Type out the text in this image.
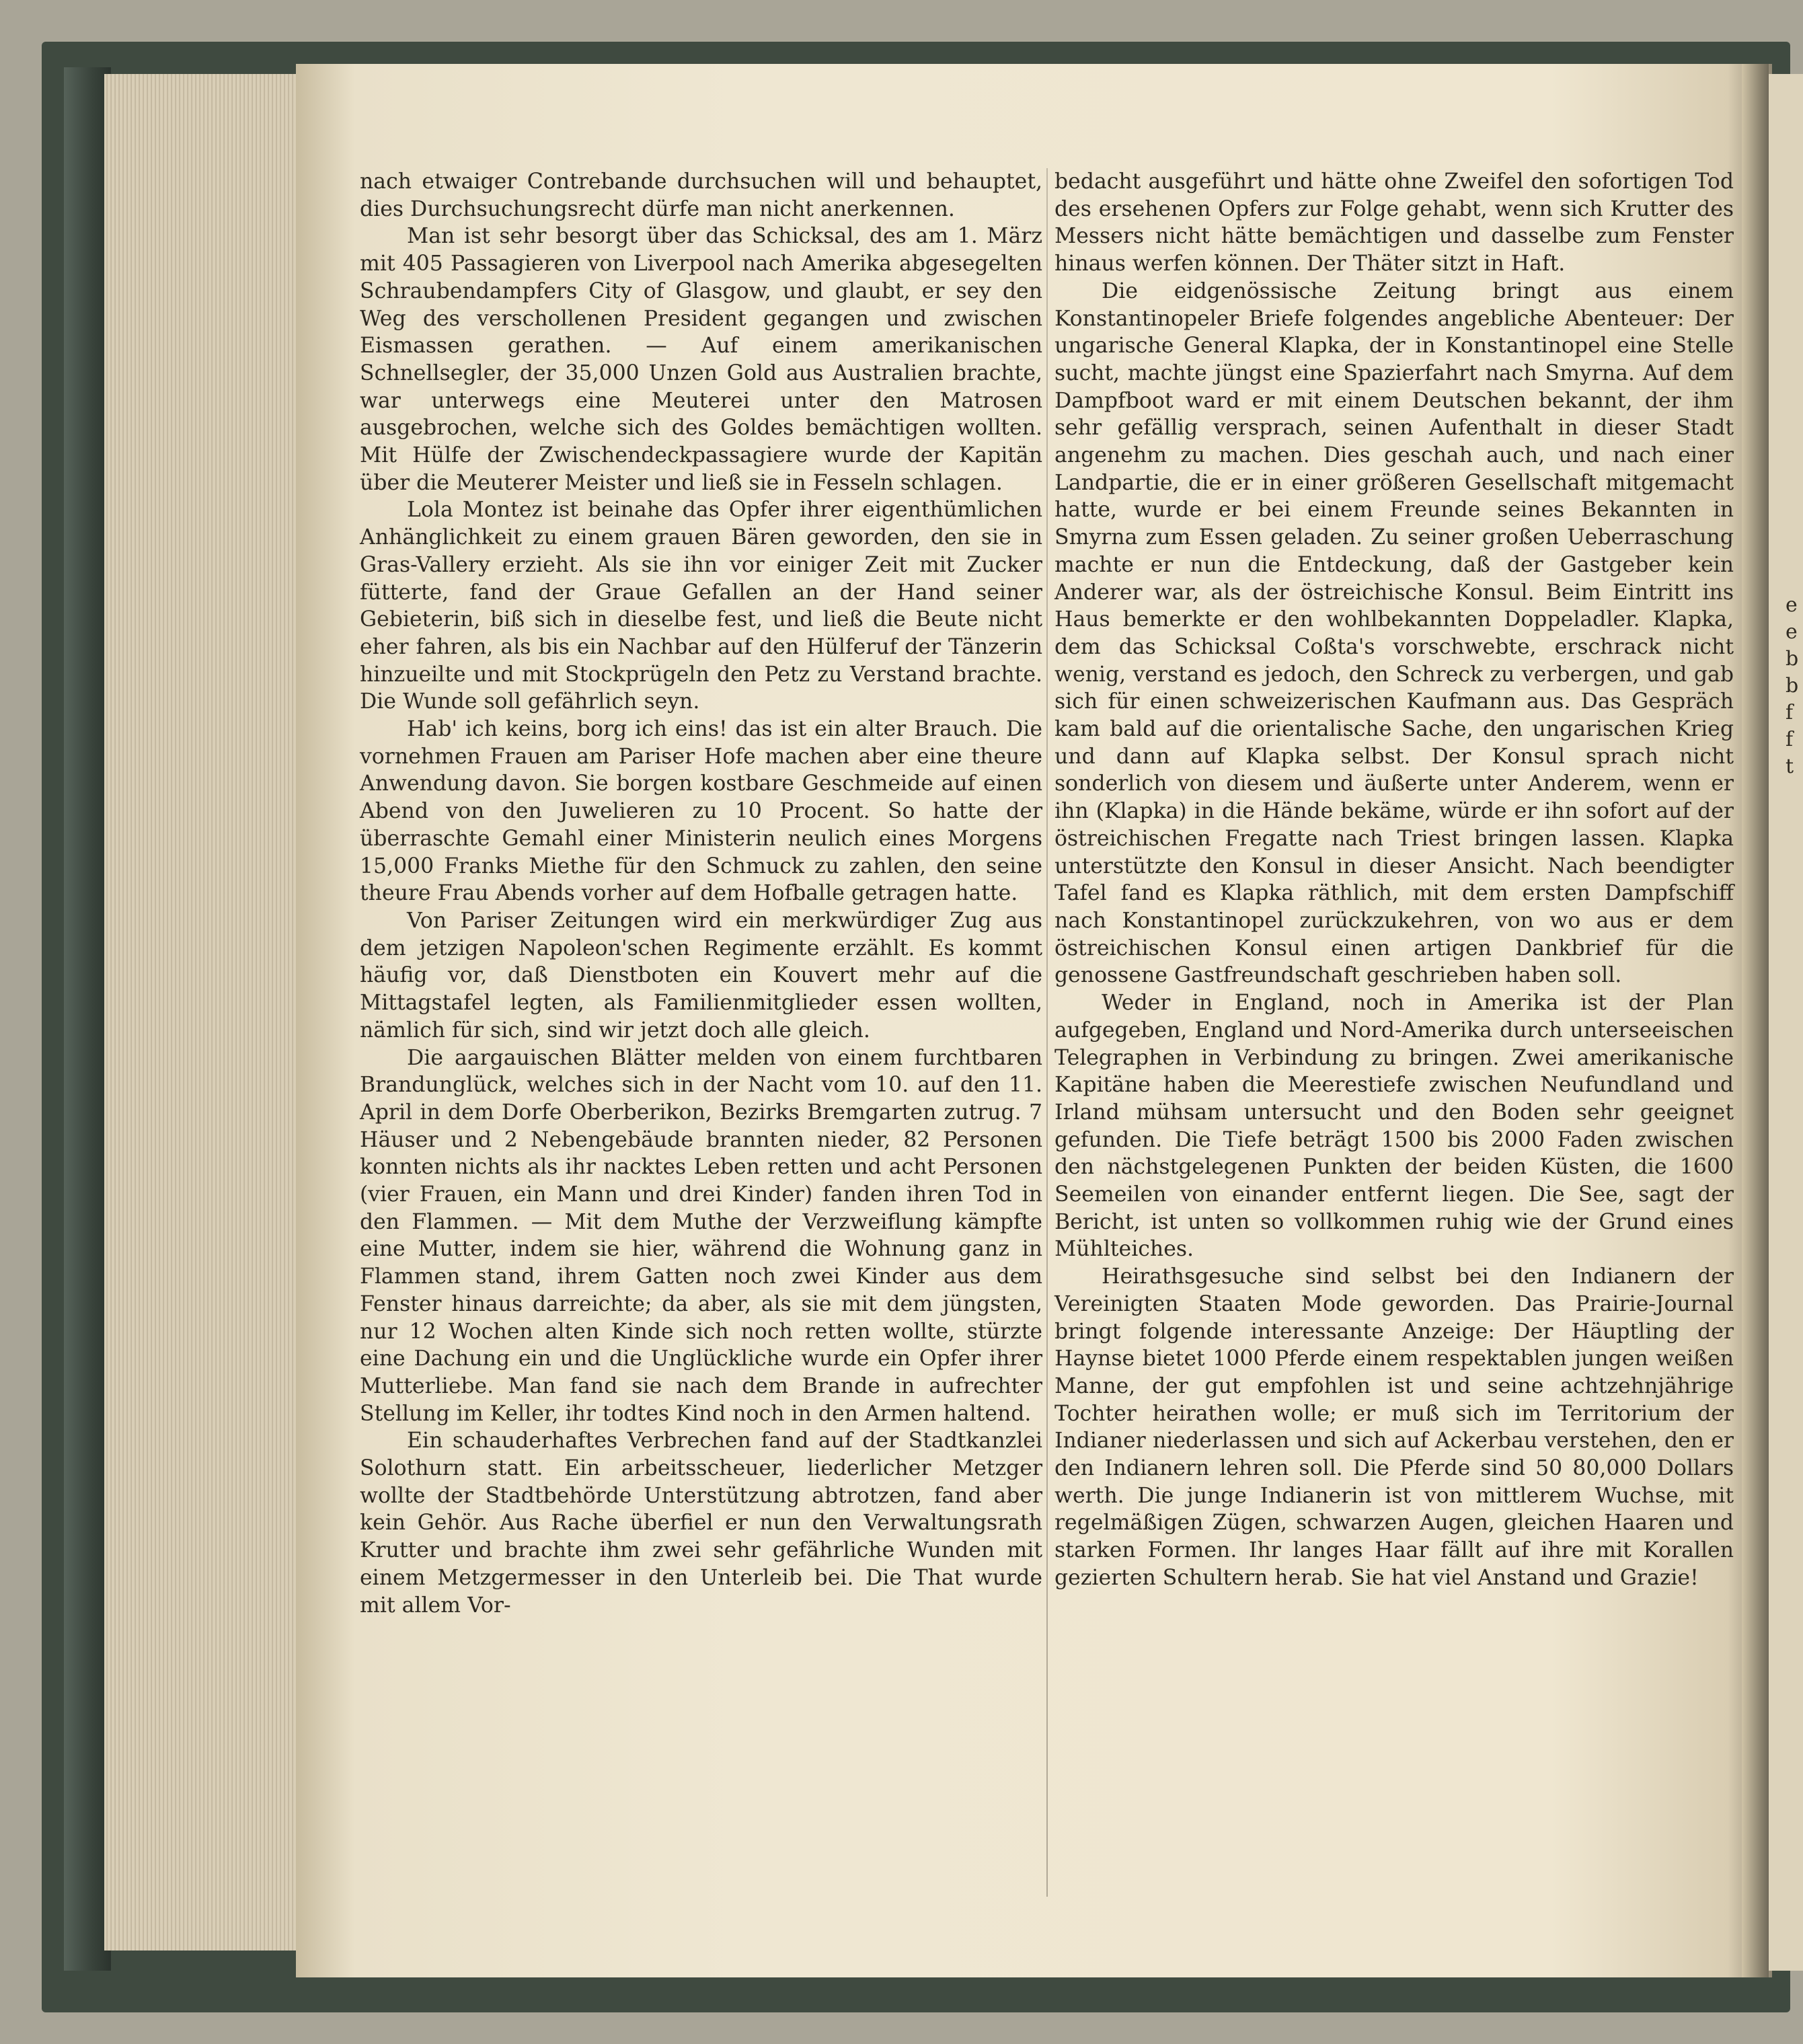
e
e
b
b
f
f
t

nach etwaiger Contrebande durchsuchen will und behauptet, dies Durchsuchungsrecht dürfe man nicht anerkennen.

Man ist sehr besorgt über das Schicksal, des am 1. März mit 405 Passagieren von Liverpool nach Amerika abgesegelten Schraubendampfers City of Glasgow, und glaubt, er sey den Weg des verschollenen President gegangen und zwischen Eismassen gerathen. — Auf einem amerikanischen Schnellsegler, der 35,000 Unzen Gold aus Australien brachte, war unterwegs eine Meuterei unter den Matrosen ausgebrochen, welche sich des Goldes bemächtigen wollten. Mit Hülfe der Zwischendeckpassagiere wurde der Kapitän über die Meuterer Meister und ließ sie in Fesseln schlagen.

Lola Montez ist beinahe das Opfer ihrer eigenthümlichen Anhänglichkeit zu einem grauen Bären geworden, den sie in Gras-Vallery erzieht. Als sie ihn vor einiger Zeit mit Zucker fütterte, fand der Graue Gefallen an der Hand seiner Gebieterin, biß sich in dieselbe fest, und ließ die Beute nicht eher fahren, als bis ein Nachbar auf den Hülferuf der Tänzerin hinzueilte und mit Stockprügeln den Petz zu Verstand brachte. Die Wunde soll gefährlich seyn.

Hab' ich keins, borg ich eins! das ist ein alter Brauch. Die vornehmen Frauen am Pariser Hofe machen aber eine theure Anwendung davon. Sie borgen kostbare Geschmeide auf einen Abend von den Juwelieren zu 10 Procent. So hatte der überraschte Gemahl einer Ministerin neulich eines Morgens 15,000 Franks Miethe für den Schmuck zu zahlen, den seine theure Frau Abends vorher auf dem Hofballe getragen hatte.

Von Pariser Zeitungen wird ein merkwürdiger Zug aus dem jetzigen Napoleon'schen Regimente erzählt. Es kommt häufig vor, daß Dienstboten ein Kouvert mehr auf die Mittagstafel legten, als Familienmitglieder essen wollten, nämlich für sich, sind wir jetzt doch alle gleich.

Die aargauischen Blätter melden von einem furchtbaren Brandunglück, welches sich in der Nacht vom 10. auf den 11. April in dem Dorfe Oberberikon, Bezirks Bremgarten zutrug. 7 Häuser und 2 Nebengebäude brannten nieder, 82 Personen konnten nichts als ihr nacktes Leben retten und acht Personen (vier Frauen, ein Mann und drei Kinder) fanden ihren Tod in den Flammen. — Mit dem Muthe der Verzweiflung kämpfte eine Mutter, indem sie hier, während die Wohnung ganz in Flammen stand, ihrem Gatten noch zwei Kinder aus dem Fenster hinaus darreichte; da aber, als sie mit dem jüngsten, nur 12 Wochen alten Kinde sich noch retten wollte, stürzte eine Dachung ein und die Unglückliche wurde ein Opfer ihrer Mutterliebe. Man fand sie nach dem Brande in aufrechter Stellung im Keller, ihr todtes Kind noch in den Armen haltend.

Ein schauderhaftes Verbrechen fand auf der Stadtkanzlei Solothurn statt. Ein arbeitsscheuer, liederlicher Metzger wollte der Stadtbehörde Unterstützung abtrotzen, fand aber kein Gehör. Aus Rache überfiel er nun den Verwaltungsrath Krutter und brachte ihm zwei sehr gefährliche Wunden mit einem Metzgermesser in den Unterleib bei. Die That wurde mit allem Vor-

bedacht ausgeführt und hätte ohne Zweifel den sofortigen Tod des ersehenen Opfers zur Folge gehabt, wenn sich Krutter des Messers nicht hätte bemächtigen und dasselbe zum Fenster hinaus werfen können. Der Thäter sitzt in Haft.

Die eidgenössische Zeitung bringt aus einem Konstantinopeler Briefe folgendes angebliche Abenteuer: Der ungarische General Klapka, der in Konstantinopel eine Stelle sucht, machte jüngst eine Spazierfahrt nach Smyrna. Auf dem Dampfboot ward er mit einem Deutschen bekannt, der ihm sehr gefällig versprach, seinen Aufenthalt in dieser Stadt angenehm zu machen. Dies geschah auch, und nach einer Landpartie, die er in einer größeren Gesellschaft mitgemacht hatte, wurde er bei einem Freunde seines Bekannten in Smyrna zum Essen geladen. Zu seiner großen Ueberraschung machte er nun die Entdeckung, daß der Gastgeber kein Anderer war, als der östreichische Konsul. Beim Eintritt ins Haus bemerkte er den wohlbekannten Doppeladler. Klapka, dem das Schicksal Coßta's vorschwebte, erschrack nicht wenig, verstand es jedoch, den Schreck zu verbergen, und gab sich für einen schweizerischen Kaufmann aus. Das Gespräch kam bald auf die orientalische Sache, den ungarischen Krieg und dann auf Klapka selbst. Der Konsul sprach nicht sonderlich von diesem und äußerte unter Anderem, wenn er ihn (Klapka) in die Hände bekäme, würde er ihn sofort auf der östreichischen Fregatte nach Triest bringen lassen. Klapka unterstützte den Konsul in dieser Ansicht. Nach beendigter Tafel fand es Klapka räthlich, mit dem ersten Dampfschiff nach Konstantinopel zurückzukehren, von wo aus er dem östreichischen Konsul einen artigen Dankbrief für die genossene Gastfreundschaft geschrieben haben soll.

Weder in England, noch in Amerika ist der Plan aufgegeben, England und Nord-Amerika durch unterseeischen Telegraphen in Verbindung zu bringen. Zwei amerikanische Kapitäne haben die Meerestiefe zwischen Neufundland und Irland mühsam untersucht und den Boden sehr geeignet gefunden. Die Tiefe beträgt 1500 bis 2000 Faden zwischen den nächstgelegenen Punkten der beiden Küsten, die 1600 Seemeilen von einander entfernt liegen. Die See, sagt der Bericht, ist unten so vollkommen ruhig wie der Grund eines Mühlteiches.

Heirathsgesuche sind selbst bei den Indianern der Vereinigten Staaten Mode geworden. Das Prairie-Journal bringt folgende interessante Anzeige: Der Häuptling der Haynse bietet 1000 Pferde einem respektablen jungen weißen Manne, der gut empfohlen ist und seine achtzehnjährige Tochter heirathen wolle; er muß sich im Territorium der Indianer niederlassen und sich auf Ackerbau verstehen, den er den Indianern lehren soll. Die Pferde sind 50 80,000 Dollars werth. Die junge Indianerin ist von mittlerem Wuchse, mit regelmäßigen Zügen, schwarzen Augen, gleichen Haaren und starken Formen. Ihr langes Haar fällt auf ihre mit Korallen gezierten Schultern herab. Sie hat viel Anstand und Grazie!
